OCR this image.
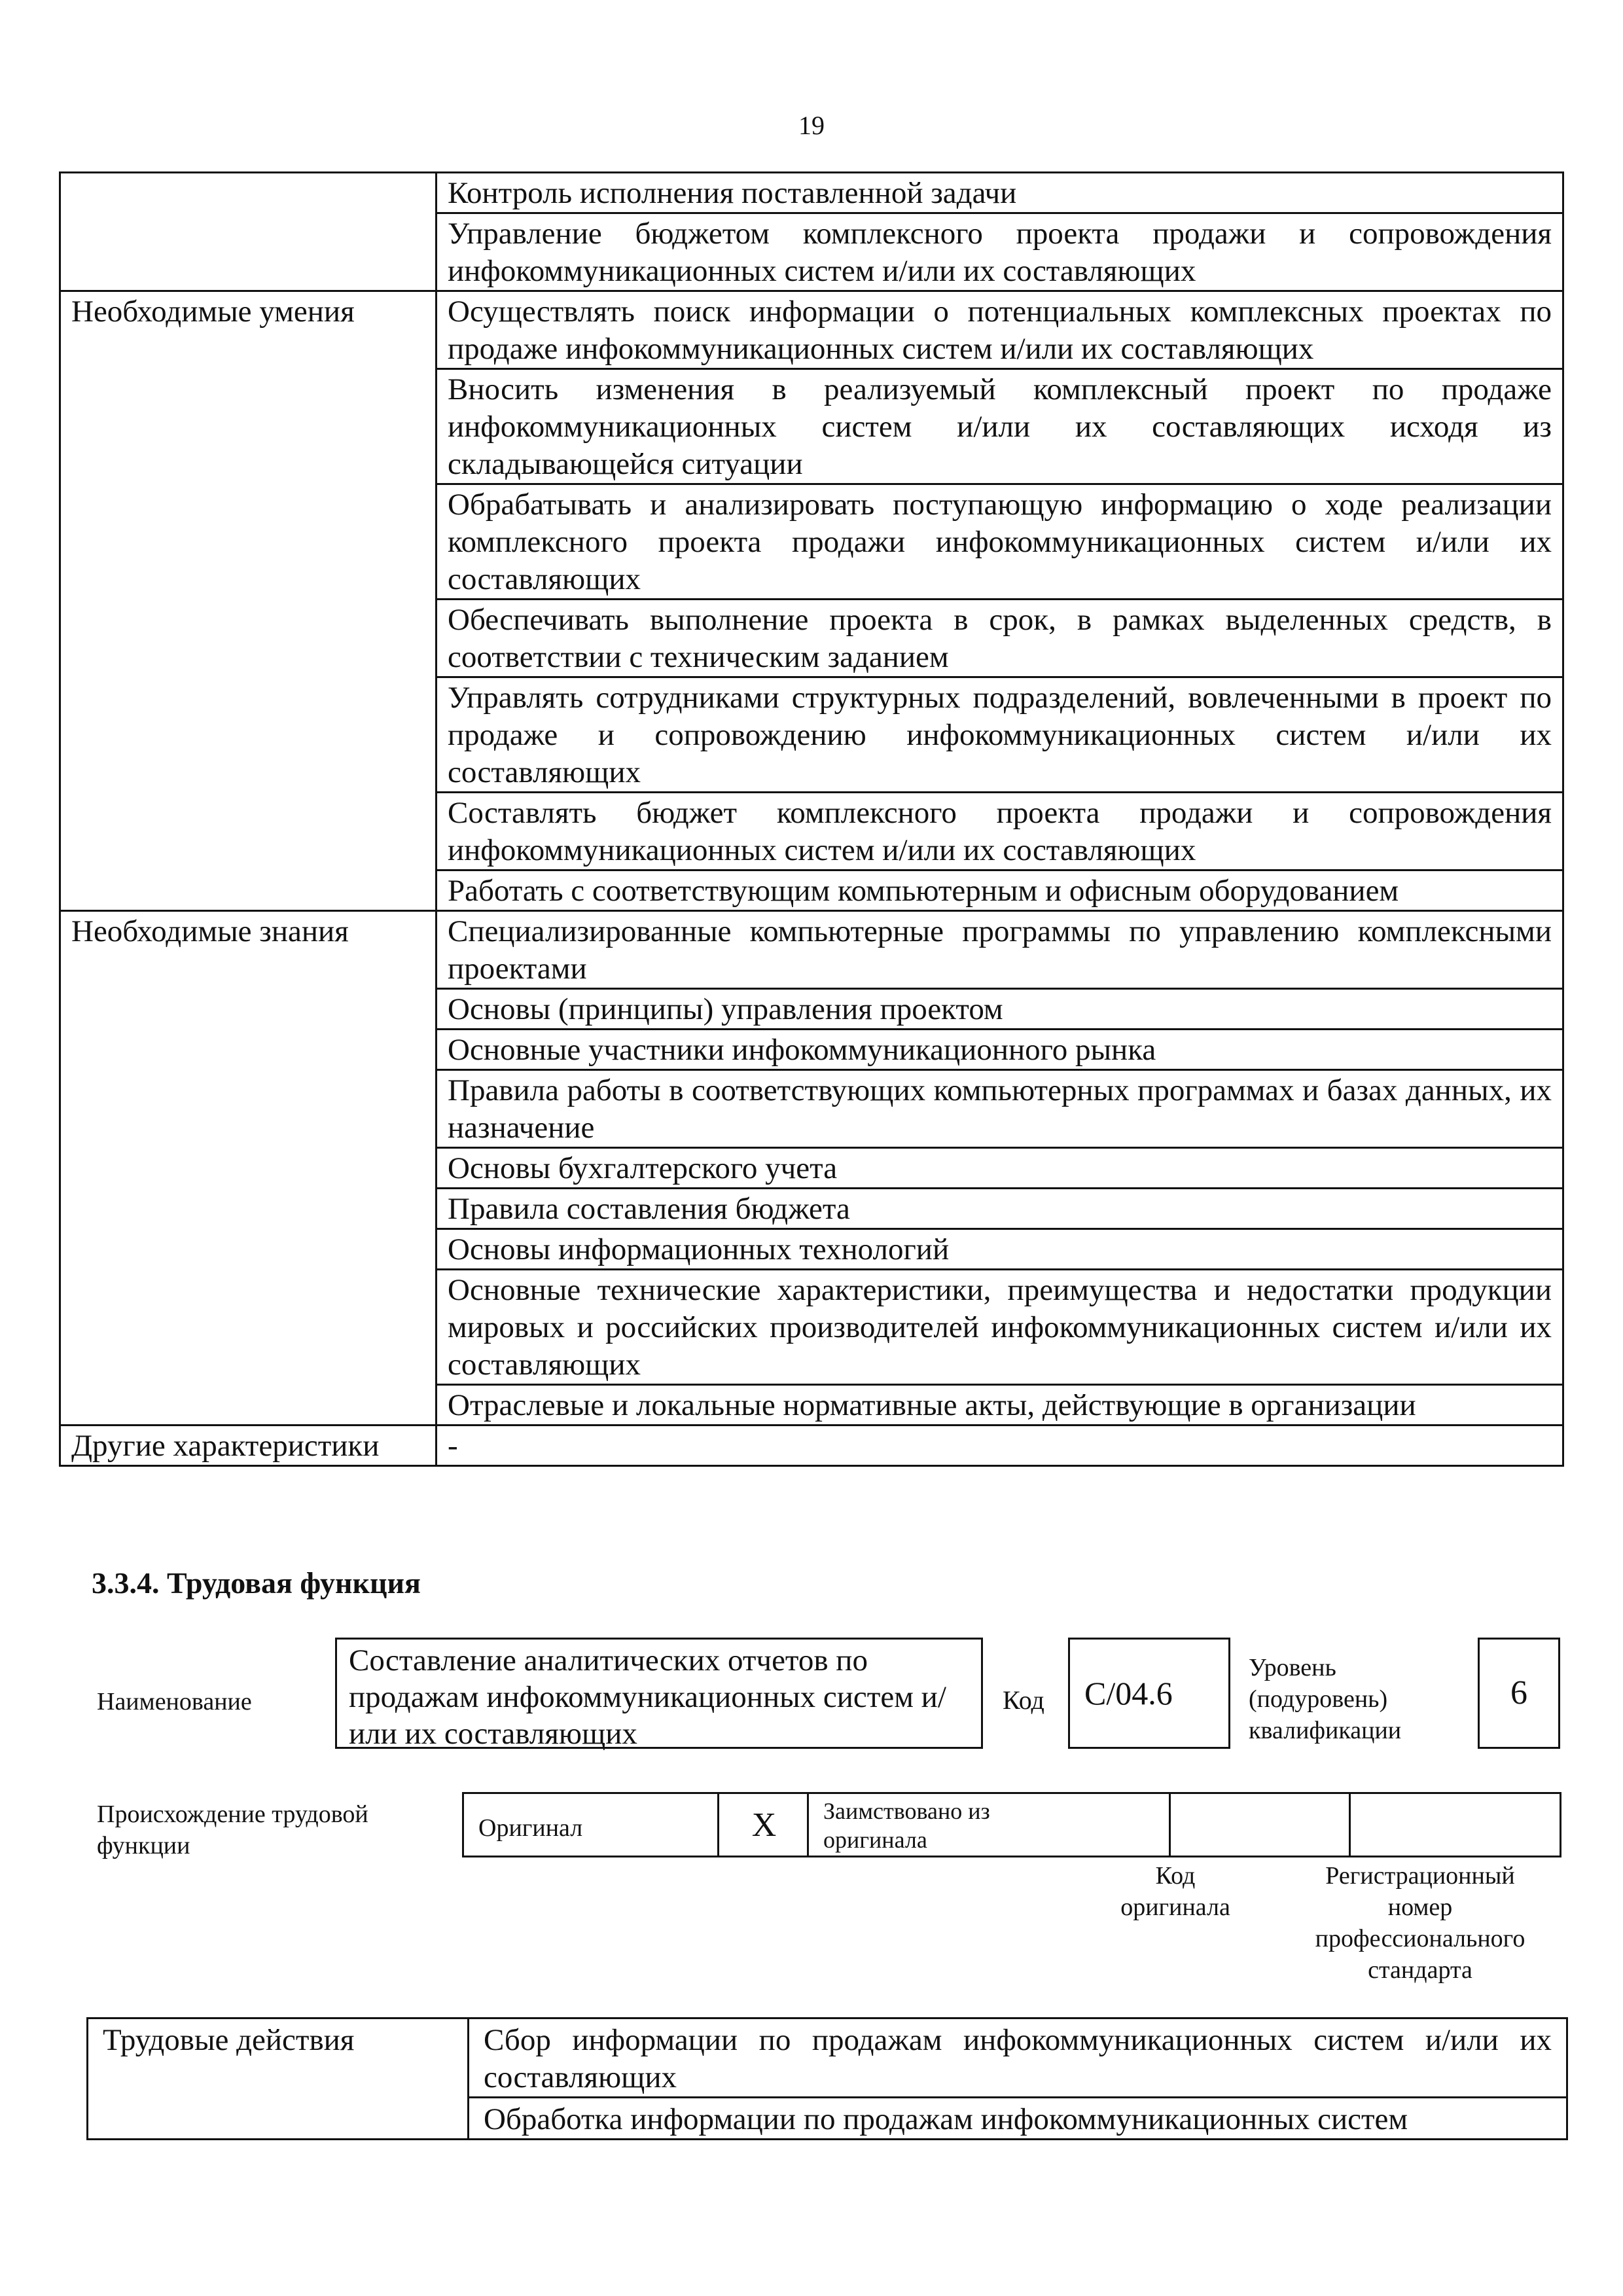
19
	Контроль исполнения поставленной задачи
	Управление бюджетом комплексного проекта продажи и сопровождения инфокоммуникационных систем и/или их составляющих
Необходимые умения	Осуществлять поиск информации о потенциальных комплексных проектах по продаже инфокоммуникационных систем и/или их составляющих
	Вносить изменения в реализуемый комплексный проект по продаже инфокоммуникационных систем и/или их составляющих исходя из складывающейся ситуации
	Обрабатывать и анализировать поступающую информацию о ходе реализации комплексного проекта продажи инфокоммуникационных систем и/или их составляющих
	Обеспечивать выполнение проекта в срок, в рамках выделенных средств, в соответствии с техническим заданием
	Управлять сотрудниками структурных подразделений, вовлеченными в проект по продаже и сопровождению инфокоммуникационных систем и/или их составляющих
	Составлять бюджет комплексного проекта продажи и сопровождения инфокоммуникационных систем и/или их составляющих
	Работать с соответствующим компьютерным и офисным оборудованием
Необходимые знания	Специализированные компьютерные программы по управлению комплексными проектами
	Основы (принципы) управления проектом
	Основные участники инфокоммуникационного рынка
	Правила работы в соответствующих компьютерных программах и базах данных, их назначение
	Основы бухгалтерского учета
	Правила составления бюджета
	Основы информационных технологий
	Основные технические характеристики, преимущества и недостатки продукции мировых и российских производителей инфокоммуникационных систем и/или их составляющих
	Отраслевые и локальные нормативные акты, действующие в организации
Другие характеристики	-
3.3.4. Трудовая функция
Наименование
Составление аналитических отчетов по продажам инфокоммуникационных систем и/или их составляющих
Код	С/04.6
Уровень
(подуровень)
квалификации
6
Происхождение трудовой
функции
Оригинал	X	Заимствовано из
оригинала
Код
оригинала
Регистрационный
номер
профессионального
стандарта
Трудовые действия	Сбор информации по продажам инфокоммуникационных систем и/или их составляющих
Обработка информации по продажам инфокоммуникационных систем
